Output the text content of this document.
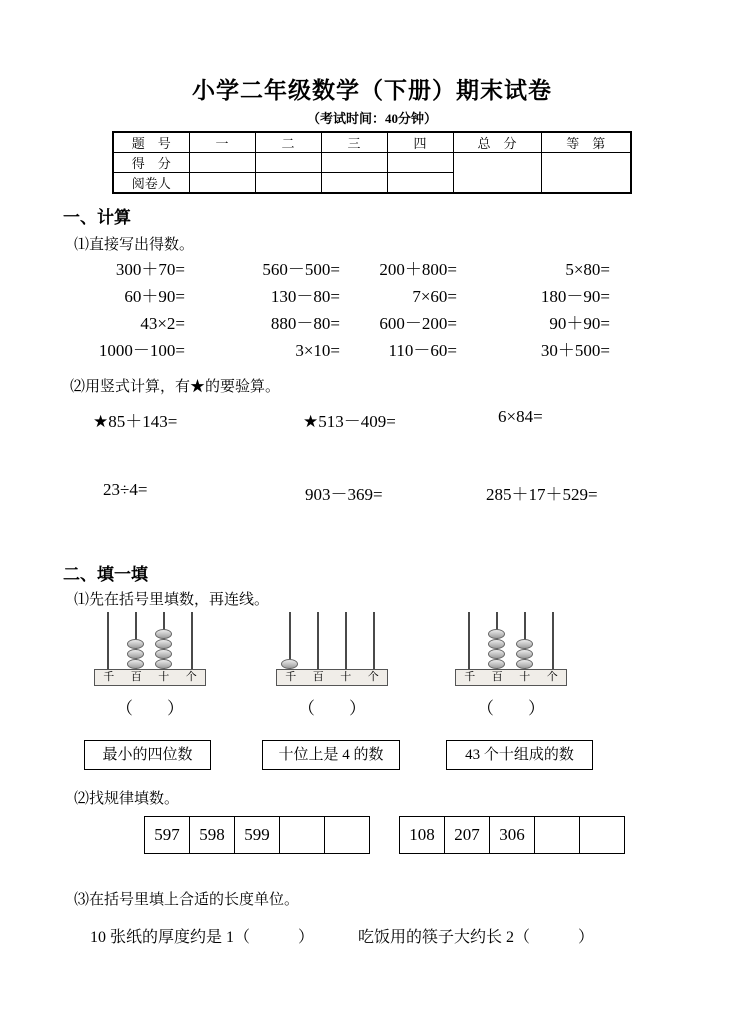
小学二年级数学（下册）期末试卷
（考试时间：40分钟）
题　号	一	二	三	四	总　分	等　第
得　分						
阅卷人						
一、计算
⑴直接写出得数。
300＋70=	560－500=	200＋800=	5×80=
60＋90=	130－80=	7×60=	180－90=
43×2=	880－80=	600－200=	90＋90=
1000－100=	3×10=	110－60=	30＋500=
⑵用竖式计算，有★的要验算。
★85＋143=	★513－409=	6×84=
23÷4=	903－369=	285＋17＋529=
二、填一填
⑴先在括号里填数，再连线。
千 百 十 个	千 百 十 个	千 百 十 个
（　　）	（　　）	（　　）
最小的四位数	十位上是 4 的数	43 个十组成的数
⑵找规律填数。
597	598	599			108	207	306		
⑶在括号里填上合适的长度单位。
10 张纸的厚度约是 1（　　　）	吃饭用的筷子大约长 2（　　　）
